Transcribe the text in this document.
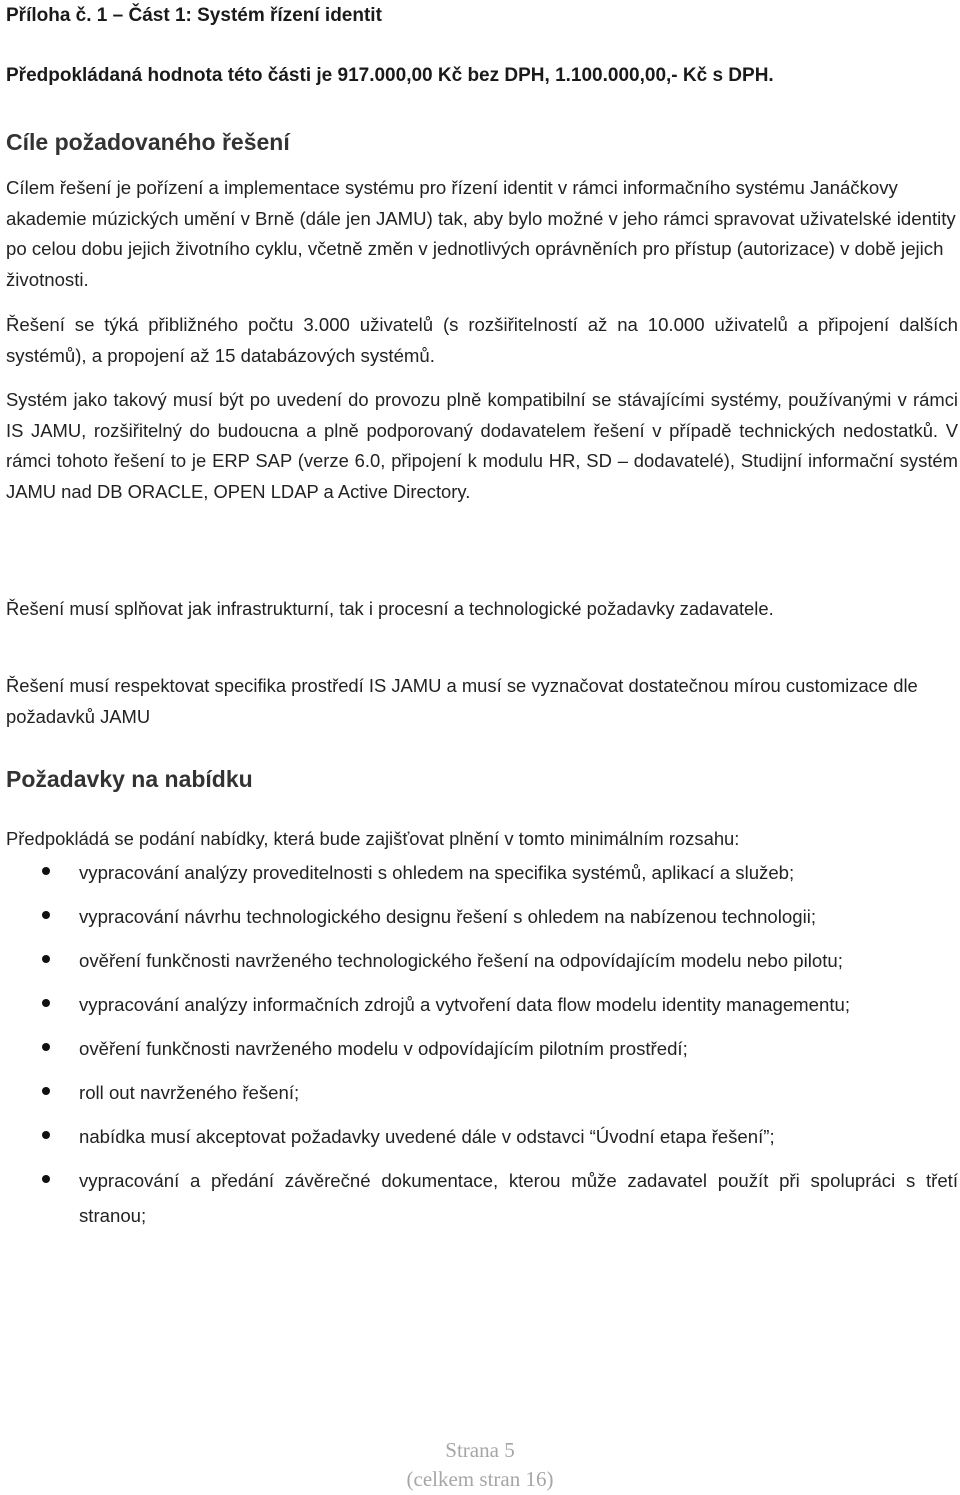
Příloha č. 1 – Část 1: Systém řízení identit

Předpokládaná hodnota této části je 917.000,00 Kč bez DPH, 1.100.000,00,- Kč s DPH.

Cíle požadovaného řešení

Cílem řešení je pořízení a implementace systému pro řízení identit v rámci informačního systému Janáčkovy akademie múzických umění v Brně (dále jen JAMU) tak, aby bylo možné v jeho rámci spravovat uživatelské identity po celou dobu jejich životního cyklu, včetně změn v jednotlivých oprávněních pro přístup (autorizace) v době jejich životnosti.

Řešení se týká přibližného počtu 3.000 uživatelů (s rozšiřitelností až na 10.000 uživatelů a připojení dalších systémů), a propojení až 15 databázových systémů.

Systém jako takový musí být po uvedení do provozu plně kompatibilní se stávajícími systémy, používanými v rámci IS JAMU, rozšiřitelný do budoucna a plně podporovaný dodavatelem řešení v případě technických nedostatků. V rámci tohoto řešení to je ERP SAP (verze 6.0, připojení k modulu HR, SD – dodavatelé), Studijní informační systém JAMU nad DB ORACLE, OPEN LDAP a Active Directory.

Řešení musí splňovat jak infrastrukturní, tak i procesní a technologické požadavky zadavatele.

Řešení musí respektovat specifika prostředí IS JAMU a musí se vyznačovat dostatečnou mírou customizace dle požadavků JAMU

Požadavky na nabídku

Předpokládá se podání nabídky, která bude zajišťovat plnění v tomto minimálním rozsahu:

vypracování analýzy proveditelnosti s ohledem na specifika systémů, aplikací a služeb;
vypracování návrhu technologického designu řešení s ohledem na nabízenou technologii;
ověření funkčnosti navrženého technologického řešení na odpovídajícím modelu nebo pilotu;
vypracování analýzy informačních zdrojů a vytvoření data flow modelu identity managementu;
ověření funkčnosti navrženého modelu v odpovídajícím pilotním prostředí;
roll out navrženého řešení;
nabídka musí akceptovat požadavky uvedené dále v odstavci “Úvodní etapa řešení”;
vypracování a předání závěrečné dokumentace, kterou může zadavatel použít při spolupráci s třetí stranou;
Strana 5
(celkem stran 16)
